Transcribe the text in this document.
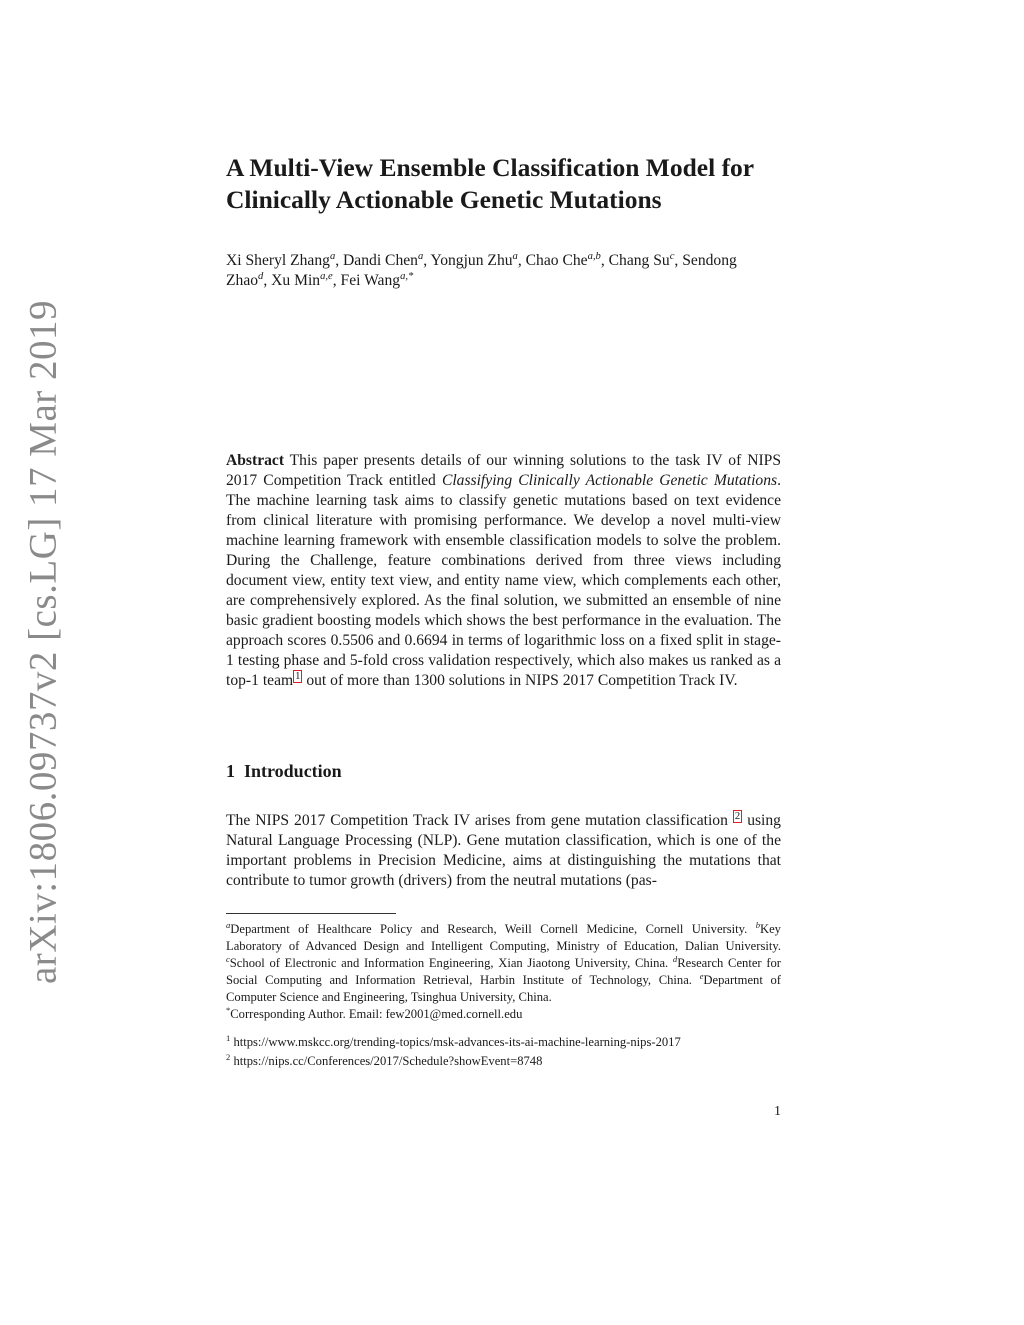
arXiv:1806.09737v2 [cs.LG] 17 Mar 2019
A Multi-View Ensemble Classification Model for
Clinically Actionable Genetic Mutations

Xi Sheryl Zhang$^a$, Dandi Chen$^a$, Yongjun Zhu$^a$, Chao Che$^{a,b}$, Chang Su$^c$, Sendong Zhao$^d$, Xu Min$^{a,e}$, Fei Wang$^{a,*}$

Abstract This paper presents details of our winning solutions to the task IV of NIPS 2017 Competition Track entitled Classifying Clinically Actionable Genetic Mutations. The machine learning task aims to classify genetic mutations based on text evidence from clinical literature with promising performance. We develop a novel multi-view machine learning framework with ensemble classification models to solve the problem. During the Challenge, feature combinations derived from three views including document view, entity text view, and entity name view, which complements each other, are comprehensively explored. As the final solution, we submitted an ensemble of nine basic gradient boosting models which shows the best performance in the evaluation. The approach scores 0.5506 and 0.6694 in terms of logarithmic loss on a fixed split in stage-1 testing phase and 5-fold cross validation respectively, which also makes us ranked as a top-1 team $^1$ out of more than 1300 solutions in NIPS 2017 Competition Track IV.

1 Introduction

The NIPS 2017 Competition Track IV arises from gene mutation classification $^2$ using Natural Language Processing (NLP). Gene mutation classification, which is one of the important problems in Precision Medicine, aims at distinguishing the mutations that contribute to tumor growth (drivers) from the neutral mutations (pas-

$^a$Department of Healthcare Policy and Research, Weill Cornell Medicine, Cornell University. $^b$Key Laboratory of Advanced Design and Intelligent Computing, Ministry of Education, Dalian University. $^c$School of Electronic and Information Engineering, Xian Jiaotong University, China. $^d$Research Center for Social Computing and Information Retrieval, Harbin Institute of Technology, China. $^e$Department of Computer Science and Engineering, Tsinghua University, China.
*Corresponding Author. Email: few2001@med.cornell.edu

$^1$ https://www.mskcc.org/trending-topics/msk-advances-its-ai-machine-learning-nips-2017
$^2$ https://nips.cc/Conferences/2017/Schedule?showEvent=8748
1
